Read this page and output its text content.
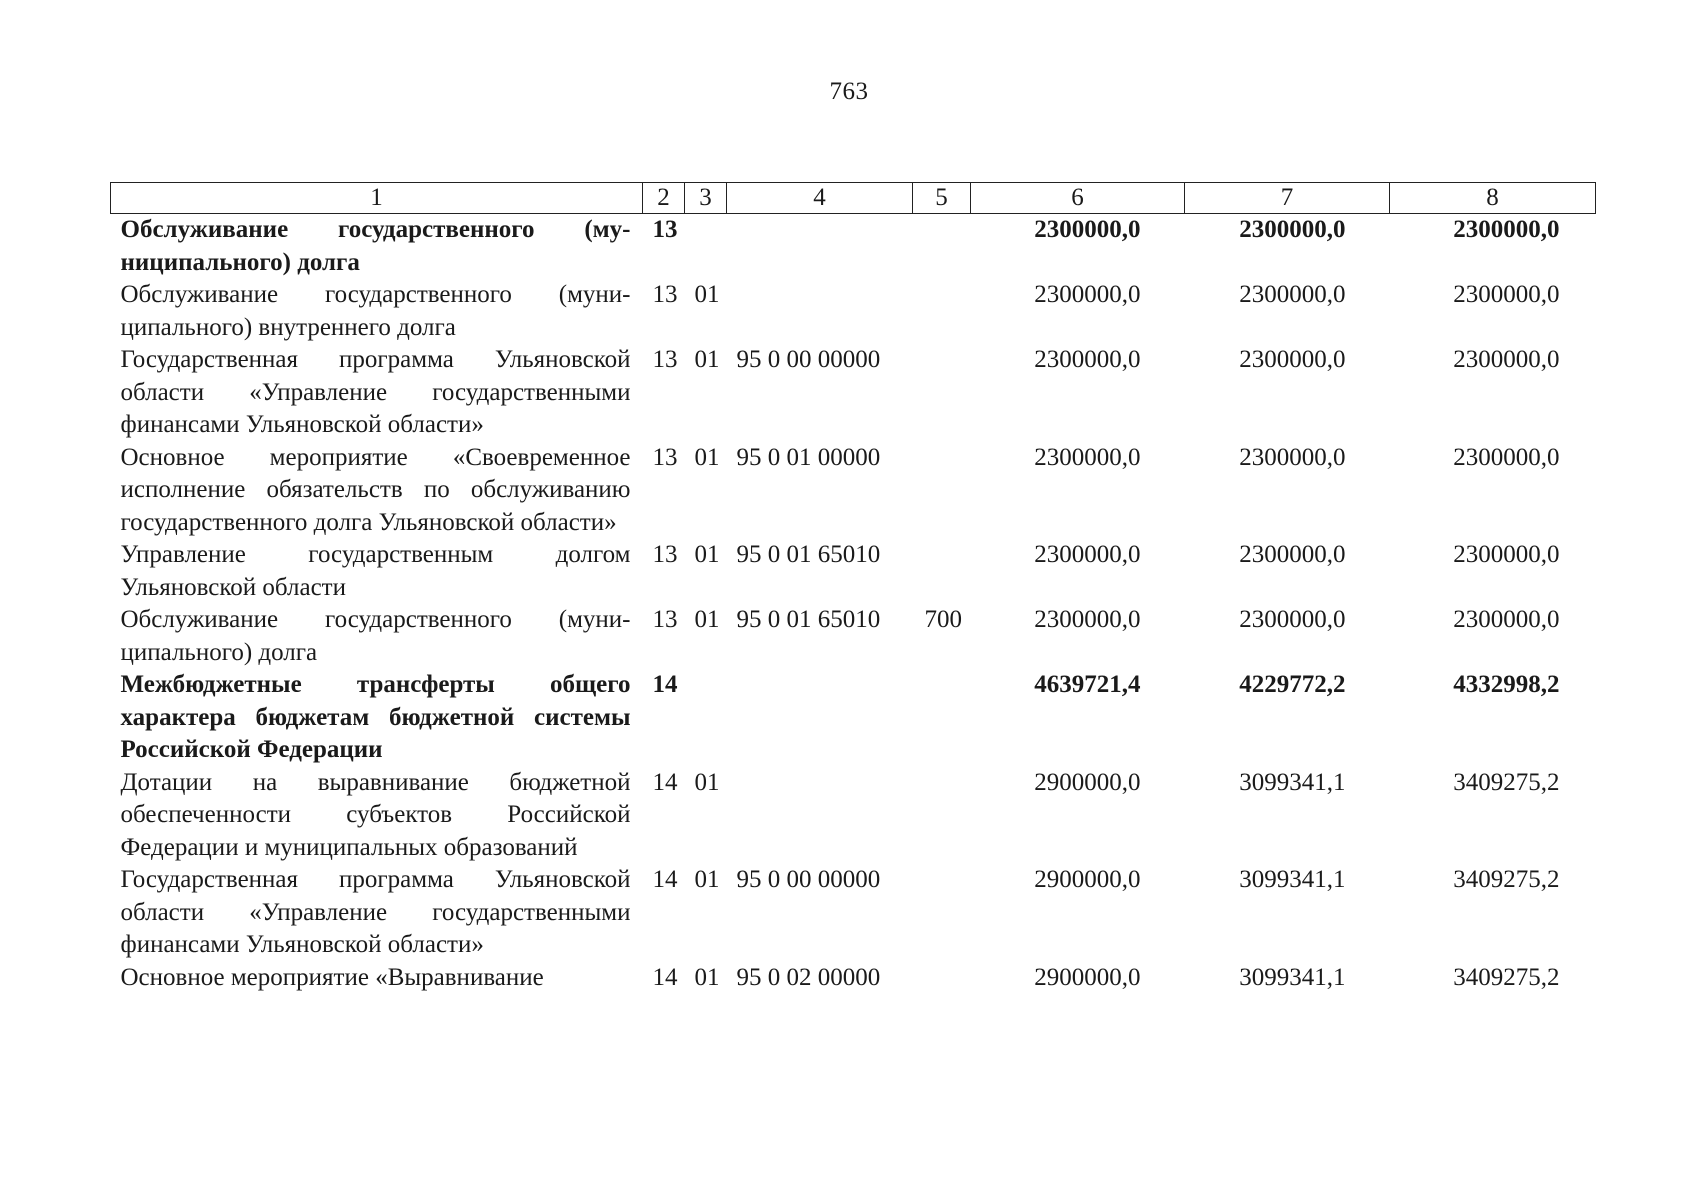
763
1	2	3	4	5	6	7	8
Обслуживание государственного (муниципального) долга	13				2300000,0	2300000,0	2300000,0
Обслуживание государственного (муниципального) внутреннего долга	13	01			2300000,0	2300000,0	2300000,0
Государственная программа Ульяновской области «Управление государственными финансами Ульяновской области»	13	01	95 0 00 00000		2300000,0	2300000,0	2300000,0
Основное мероприятие «Своевременное исполнение обязательств по обслуживанию государственного долга Ульяновской области»	13	01	95 0 01 00000		2300000,0	2300000,0	2300000,0
Управление государственным долгом Ульяновской области	13	01	95 0 01 65010		2300000,0	2300000,0	2300000,0
Обслуживание государственного (муниципального) долга	13	01	95 0 01 65010	700	2300000,0	2300000,0	2300000,0
Межбюджетные трансферты общего характера бюджетам бюджетной системы Российской Федерации	14				4639721,4	4229772,2	4332998,2
Дотации на выравнивание бюджетной обеспеченности субъектов Российской Федерации и муниципальных образований	14	01			2900000,0	3099341,1	3409275,2
Государственная программа Ульяновской области «Управление государственными финансами Ульяновской области»	14	01	95 0 00 00000		2900000,0	3099341,1	3409275,2
Основное мероприятие «Выравнивание	14	01	95 0 02 00000		2900000,0	3099341,1	3409275,2
